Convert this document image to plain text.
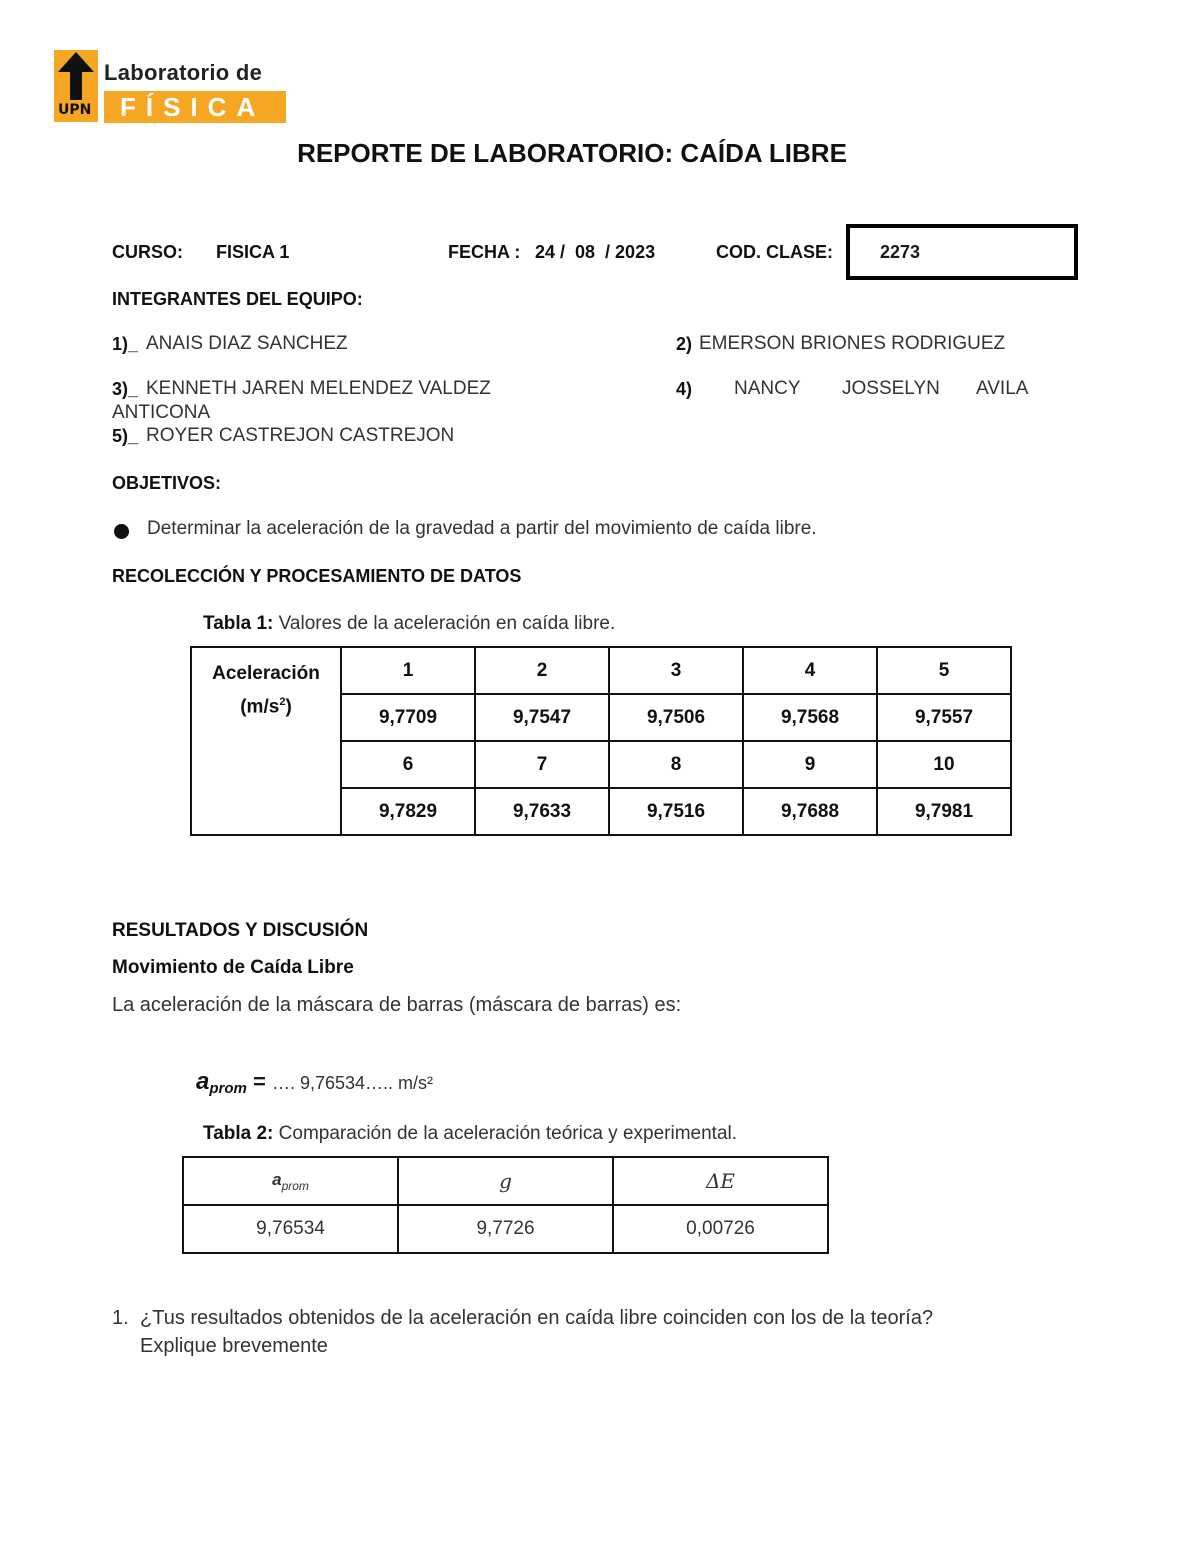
UPN
Laboratorio de
FÍSICA
REPORTE DE LABORATORIO: CAÍDA LIBRE
CURSO: FISICA 1	FECHA : 24 /  08  / 2023	COD. CLASE:	2273
INTEGRANTES DEL EQUIPO:
1)_ ANAIS DIAZ SANCHEZ	2) EMERSON BRIONES RODRIGUEZ
3)_ KENNETH JAREN MELENDEZ VALDEZ	4) NANCY JOSSELYN AVILA
ANTICONA
5)_ ROYER CASTREJON CASTREJON
OBJETIVOS:
Determinar la aceleración de la gravedad a partir del movimiento de caída libre.
RECOLECCIÓN Y PROCESAMIENTO DE DATOS
Tabla 1: Valores de la aceleración en caída libre.
Aceleración
$(m/s^2)$	1	2	3	4	5
	9,7709	9,7547	9,7506	9,7568	9,7557
	6	7	8	9	10
	9,7829	9,7633	9,7516	9,7688	9,7981
RESULTADOS Y DISCUSIÓN
Movimiento de Caída Libre
La aceleración de la máscara de barras (máscara de barras) es:
$a_{prom}$ = …. 9,76534….. m/s²
Tabla 2: Comparación de la aceleración teórica y experimental.
$a_{prom}$	g	ΔE
9,76534	9,7726	0,00726
1. ¿Tus resultados obtenidos de la aceleración en caída libre coinciden con los de la teoría?
Explique brevemente
